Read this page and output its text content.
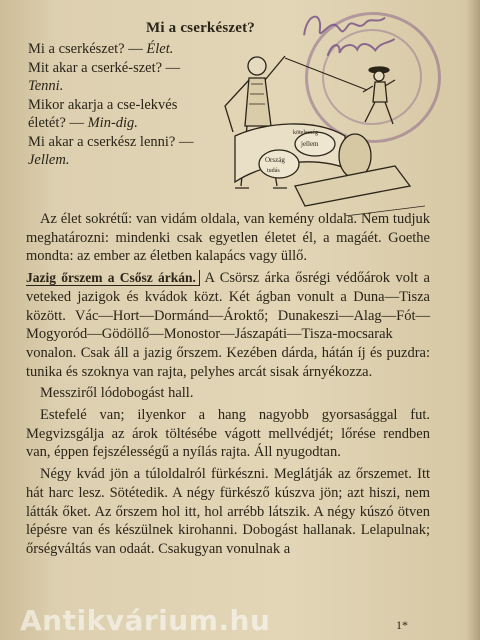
Mi a cserkészet?

Mi a cserkészet? — Élet.

Mit akar a cserké-szet? — Tenni.

Mikor akarja a cse-lekvés életét? — Min-dig.

Mi akar a cserkész lenni? — Jellem.	Ország
tudás
jellem
kötelesség

Az élet sokrétű: van vidám oldala, van kemény oldala. Nem tudjuk meghatározni: mindenki csak egyetlen életet él, a magáét. Goethe mondta: az ember az életben kalapács vagy üllő.

Jazig őrszem a Csősz árkán. A Csörsz árka ősrégi védőárok volt a veteked jazigok és kvádok közt. Két ágban vonult a Duna—Tisza között. Vác—Hort—Dormánd—Ároktő; Dunakeszi—Alag—Fót—Mogyoród—Gödöllő—Monostor—Jászapáti—Tisza-mocsarak vonalon. Csak áll a jazig őrszem. Kezében dárda, hátán íj és puzdra: tunika és szoknya van rajta, pelyhes arcát sisak árnyékozza.

Messziről lódobogást hall.

Estefelé van; ilyenkor a hang nagyobb gyorsasággal fut. Megvizsgálja az árok töltésébe vágott mellvédjét; lőrése rendben van, éppen fejszélességű a nyílás rajta. Áll nyugodtan.

Négy kvád jön a túloldalról fürkészni. Meglátják az őrszemet. Itt hát harc lesz. Sötétedik. A négy fürkésző kúszva jön; azt hiszi, nem látták őket. Az őrszem hol itt, hol arrébb látszik. A négy kúszó ötven lépésre van és készülnek kirohanni. Dobogást hallanak. Lelapulnak; őrségváltás van odaát. Csakugyan vonulnak a

Antikvárium.hu	1*
